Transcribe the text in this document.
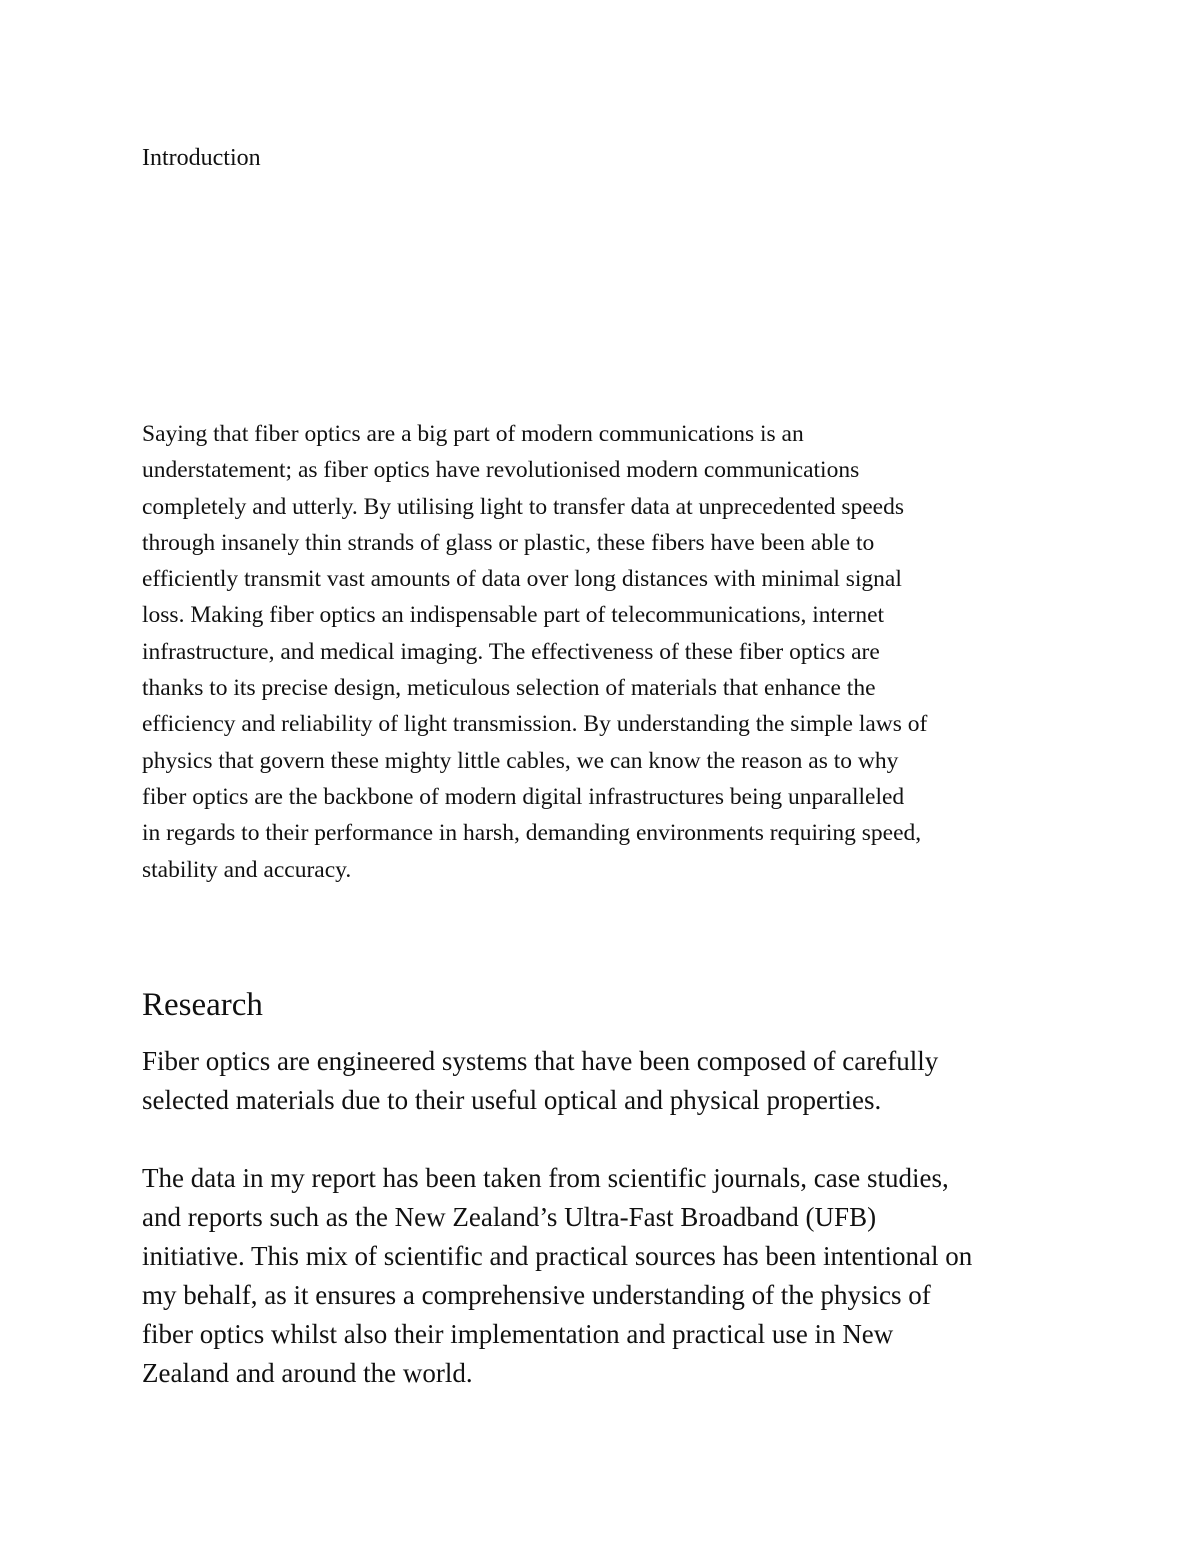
Introduction

Saying that fiber optics are a big part of modern communications is an
understatement; as fiber optics have revolutionised modern communications
completely and utterly. By utilising light to transfer data at unprecedented speeds
through insanely thin strands of glass or plastic, these fibers have been able to
efficiently transmit vast amounts of data over long distances with minimal signal
loss. Making fiber optics an indispensable part of telecommunications, internet
infrastructure, and medical imaging. The effectiveness of these fiber optics are
thanks to its precise design, meticulous selection of materials that enhance the
efficiency and reliability of light transmission. By understanding the simple laws of
physics that govern these mighty little cables, we can know the reason as to why
fiber optics are the backbone of modern digital infrastructures being unparalleled
in regards to their performance in harsh, demanding environments requiring speed,
stability and accuracy.

Research

Fiber optics are engineered systems that have been composed of carefully
selected materials due to their useful optical and physical properties.

The data in my report has been taken from scientific journals, case studies,
and reports such as the New Zealand’s Ultra-Fast Broadband (UFB)
initiative. This mix of scientific and practical sources has been intentional on
my behalf, as it ensures a comprehensive understanding of the physics of
fiber optics whilst also their implementation and practical use in New
Zealand and around the world.
